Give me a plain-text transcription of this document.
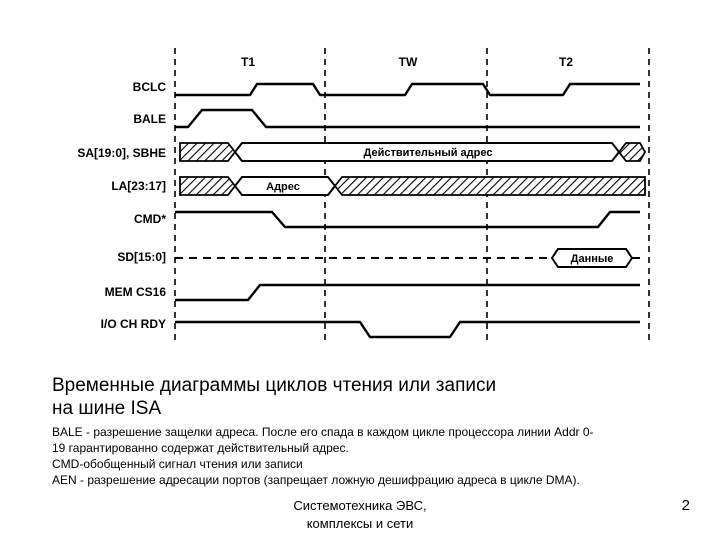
T1	TW	T2
BCLC
BALE
SA[19:0], SBHE
LA[23:17]
CMD*
SD[15:0]
MEM CS16
I/O CH RDY
Действительный адрес
Адрес
Данные
Временные диаграммы циклов чтения или записи
на шине ISA
BALE - разрешение защелки адреса. После его спада в каждом цикле процессора линии Addr 0-
19 гарантированно содержат действительный адрес.
CMD-обобщенный сигнал чтения или записи
AEN - разрешение адресации портов (запрещает ложную дешифрацию адреса в цикле DMA).
Системотехника ЭВС,
комплексы и сети
2
